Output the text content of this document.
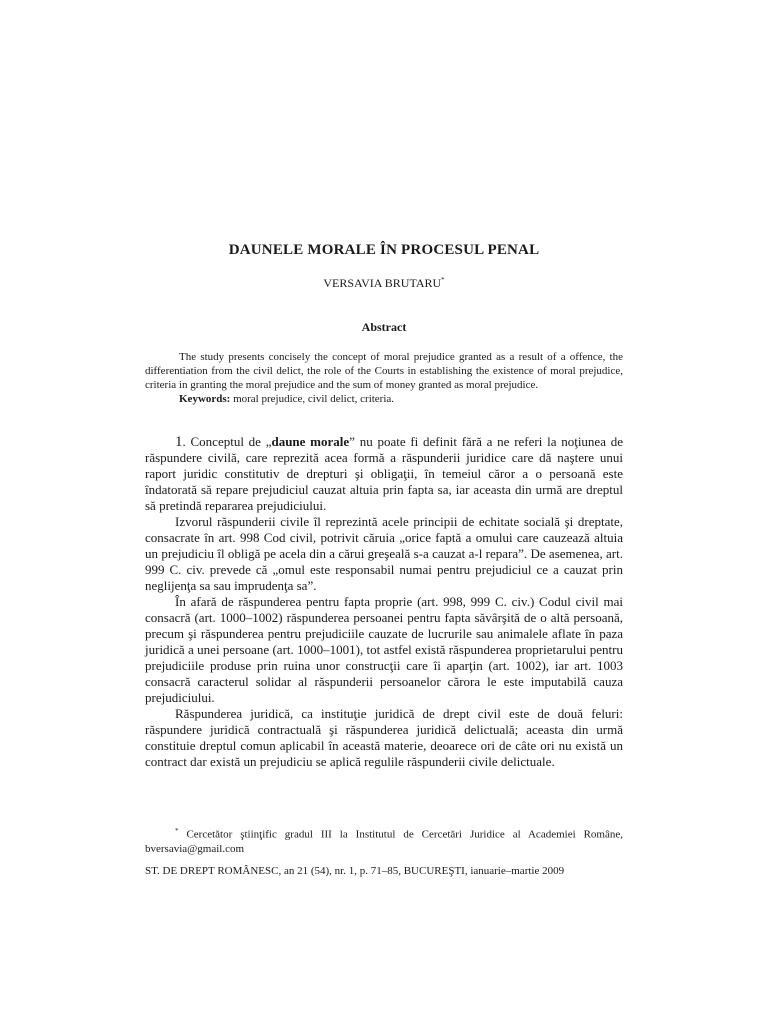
DAUNELE MORALE ÎN PROCESUL PENAL
VERSAVIA BRUTARU*
Abstract

The study presents concisely the concept of moral prejudice granted as a result of a offence, the differentiation from the civil delict, the role of the Courts in establishing the existence of moral prejudice, criteria in granting the moral prejudice and the sum of money granted as moral prejudice.

Keywords: moral prejudice, civil delict, criteria.

1. Conceptul de „daune morale” nu poate fi definit fără a ne referi la noţiunea de răspundere civilă, care reprezită acea formă a răspunderii juridice care dă naştere unui raport juridic constitutiv de drepturi şi obligaţii, în temeiul căror a o persoană este îndatorată să repare prejudiciul cauzat altuia prin fapta sa, iar aceasta din urmă are dreptul să pretindă repararea prejudiciului.

Izvorul răspunderii civile îl reprezintă acele principii de echitate socială şi dreptate, consacrate în art. 998 Cod civil, potrivit căruia „orice faptă a omului care cauzează altuia un prejudiciu îl obligă pe acela din a cărui greşeală s-a cauzat a-l repara”. De asemenea, art. 999 C. civ. prevede că „omul este responsabil numai pentru prejudiciul ce a cauzat prin neglijenţa sa sau imprudenţa sa”.

În afară de răspunderea pentru fapta proprie (art. 998, 999 C. civ.) Codul civil mai consacră (art. 1000–1002) răspunderea persoanei pentru fapta săvârşită de o altă persoană, precum şi răspunderea pentru prejudiciile cauzate de lucrurile sau animalele aflate în paza juridică a unei persoane (art. 1000–1001), tot astfel există răspunderea proprietarului pentru prejudiciile produse prin ruina unor construcţii care îi aparţin (art. 1002), iar art. 1003 consacră caracterul solidar al răspunderii persoanelor cărora le este imputabilă cauza prejudiciului.

Răspunderea juridică, ca instituţie juridică de drept civil este de două feluri: răspundere juridică contractuală şi răspunderea juridică delictuală; aceasta din urmă constituie dreptul comun aplicabil în această materie, deoarece ori de câte ori nu există un contract dar există un prejudiciu se aplică regulile răspunderii civile delictuale.

* Cercetător ştiinţific gradul III la Institutul de Cercetări Juridice al Academiei Române, bversavia@gmail.com

ST. DE DREPT ROMÂNESC, an 21 (54), nr. 1, p. 71–85, BUCUREŞTI, ianuarie–martie 2009
